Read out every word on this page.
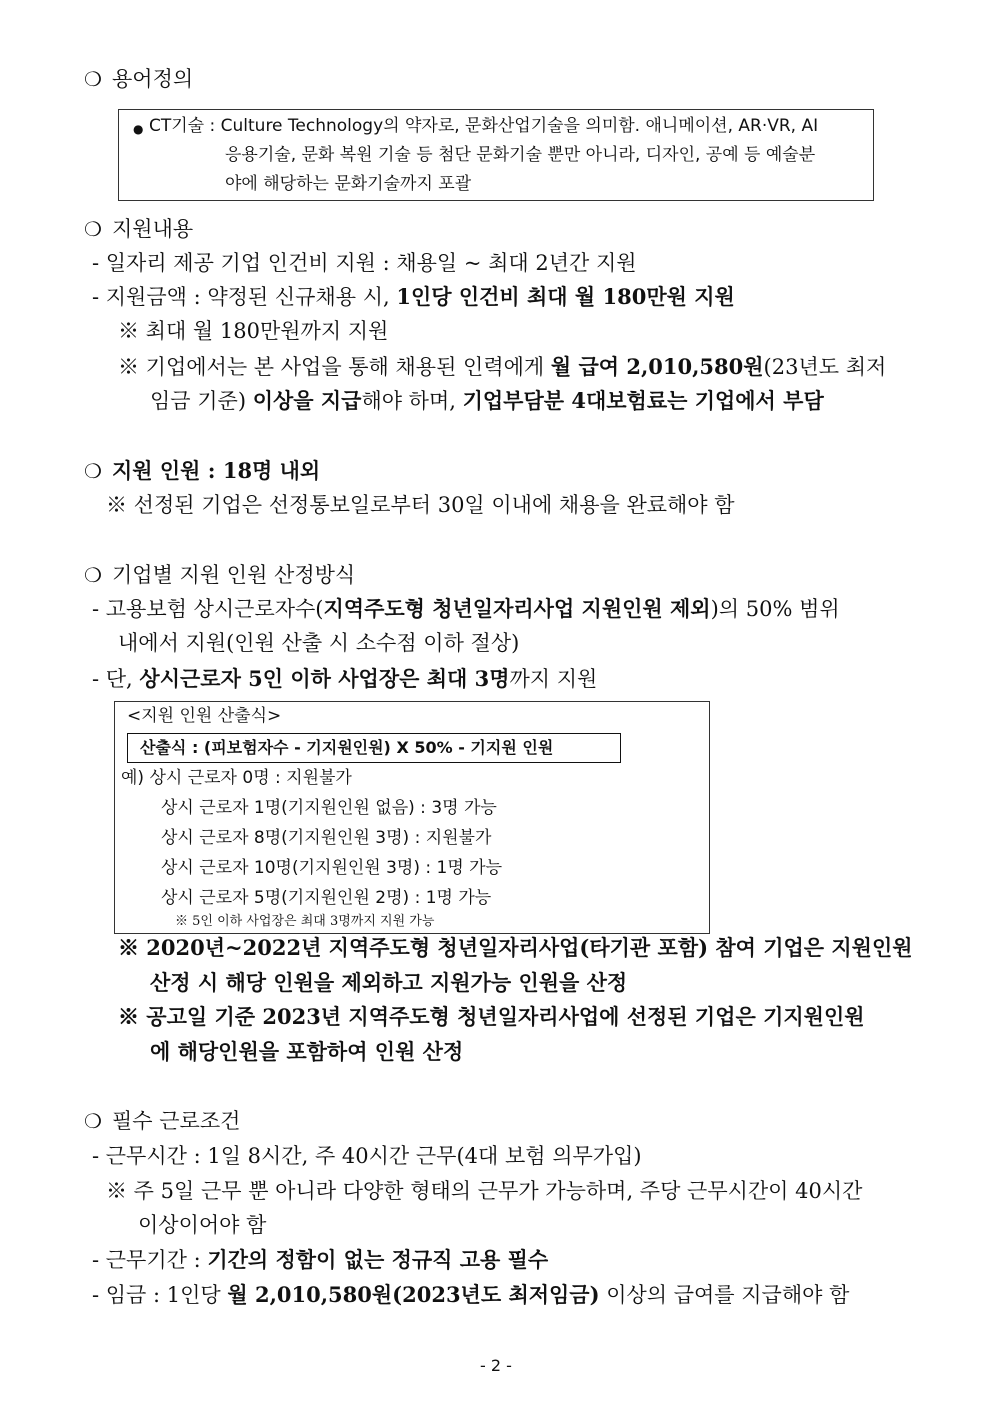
❍ 용어정의
● CT기술 : Culture Technology의 약자로, 문화산업기술을 의미함. 애니메이션, AR·VR, AI
응용기술, 문화 복원 기술 등 첨단 문화기술 뿐만 아니라, 디자인, 공예 등 예술분
야에 해당하는 문화기술까지 포괄
❍ 지원내용
- 일자리 제공 기업 인건비 지원 : 채용일 ~ 최대 2년간 지원
- 지원금액 : 약정된 신규채용 시, 1인당 인건비 최대 월 180만원 지원
※ 최대 월 180만원까지 지원
※ 기업에서는 본 사업을 통해 채용된 인력에게 월 급여 2,010,580원(23년도 최저
임금 기준) 이상을 지급해야 하며, 기업부담분 4대보험료는 기업에서 부담
❍ 지원 인원 : 18명 내외
※ 선정된 기업은 선정통보일로부터 30일 이내에 채용을 완료해야 함
❍ 기업별 지원 인원 산정방식
- 고용보험 상시근로자수(지역주도형 청년일자리사업 지원인원 제외)의 50% 범위
내에서 지원(인원 산출 시 소수점 이하 절상)
- 단, 상시근로자 5인 이하 사업장은 최대 3명까지 지원
<지원 인원 산출식>
산출식 : (피보험자수 - 기지원인원) X 50% - 기지원 인원
예) 상시 근로자 0명 : 지원불가
상시 근로자 1명(기지원인원 없음) : 3명 가능
상시 근로자 8명(기지원인원 3명) : 지원불가
상시 근로자 10명(기지원인원 3명) : 1명 가능
상시 근로자 5명(기지원인원 2명) : 1명 가능
※ 5인 이하 사업장은 최대 3명까지 지원 가능
※ 2020년~2022년 지역주도형 청년일자리사업(타기관 포함) 참여 기업은 지원인원
산정 시 해당 인원을 제외하고 지원가능 인원을 산정
※ 공고일 기준 2023년 지역주도형 청년일자리사업에 선정된 기업은 기지원인원
에 해당인원을 포함하여 인원 산정
❍ 필수 근로조건
- 근무시간 : 1일 8시간, 주 40시간 근무(4대 보험 의무가입)
※ 주 5일 근무 뿐 아니라 다양한 형태의 근무가 가능하며, 주당 근무시간이 40시간
이상이어야 함
- 근무기간 : 기간의 정함이 없는 정규직 고용 필수
- 임금 : 1인당 월 2,010,580원(2023년도 최저임금) 이상의 급여를 지급해야 함
- 2 -
